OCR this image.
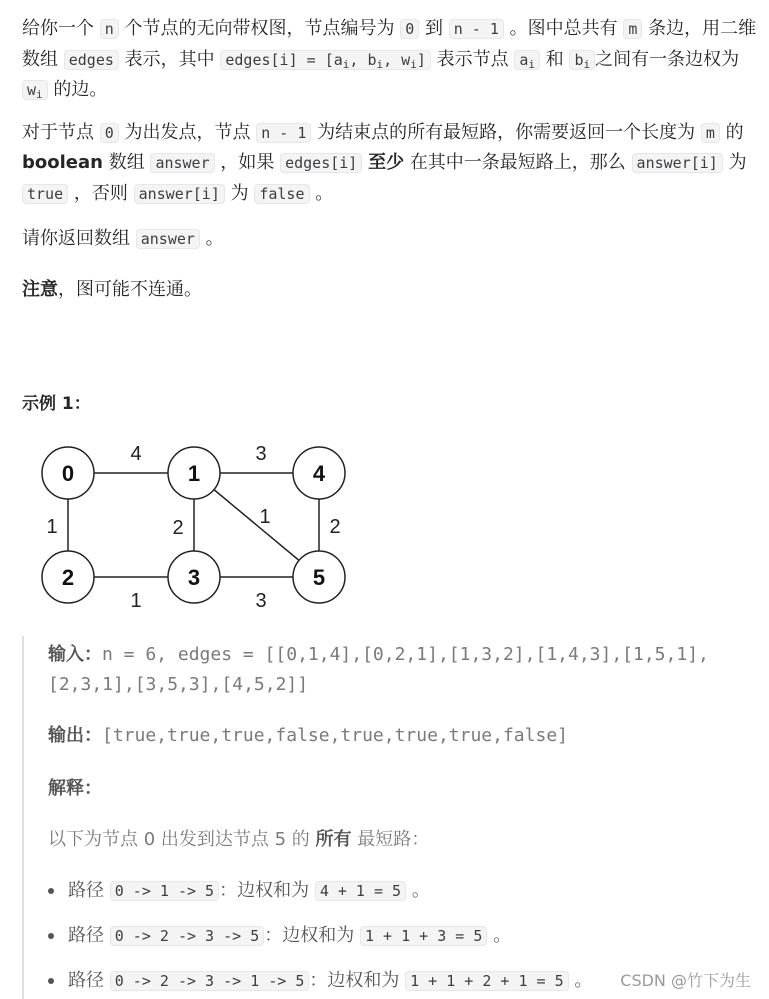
给你一个 n 个节点的无向带权图，节点编号为 0 到 n - 1 。图中总共有 m 条边，用二维数组 edges 表示，其中 edges[i] = [$a_i$, $b_i$, $w_i$] 表示节点 $a_i$ 和 $b_i$ 之间有一条边权为 $w_i$ 的边。

对于节点 0 为出发点，节点 n - 1 为结束点的所有最短路，你需要返回一个长度为 m 的 boolean 数组 answer ，如果 edges[i] 至少 在其中一条最短路上，那么 answer[i] 为 true ，否则 answer[i] 为 false 。

请你返回数组 answer 。

注意，图可能不连通。

示例 1：
4	3
1	2	1	2
1	3
0	1	4
2	3	5
输入：n = 6, edges = [[0,1,4],[0,2,1],[1,3,2],[1,4,3],[1,5,1],
[2,3,1],[3,5,3],[4,5,2]]
输出：[true,true,true,false,true,true,true,false]
解释：
以下为节点 0 出发到达节点 5 的 所有 最短路：
路径 0 -> 1 -> 5 ：边权和为 4 + 1 = 5 。
路径 0 -> 2 -> 3 -> 5 ：边权和为 1 + 1 + 3 = 5 。
路径 0 -> 2 -> 3 -> 1 -> 5 ：边权和为 1 + 1 + 2 + 1 = 5 。 CSDN @竹下为生
